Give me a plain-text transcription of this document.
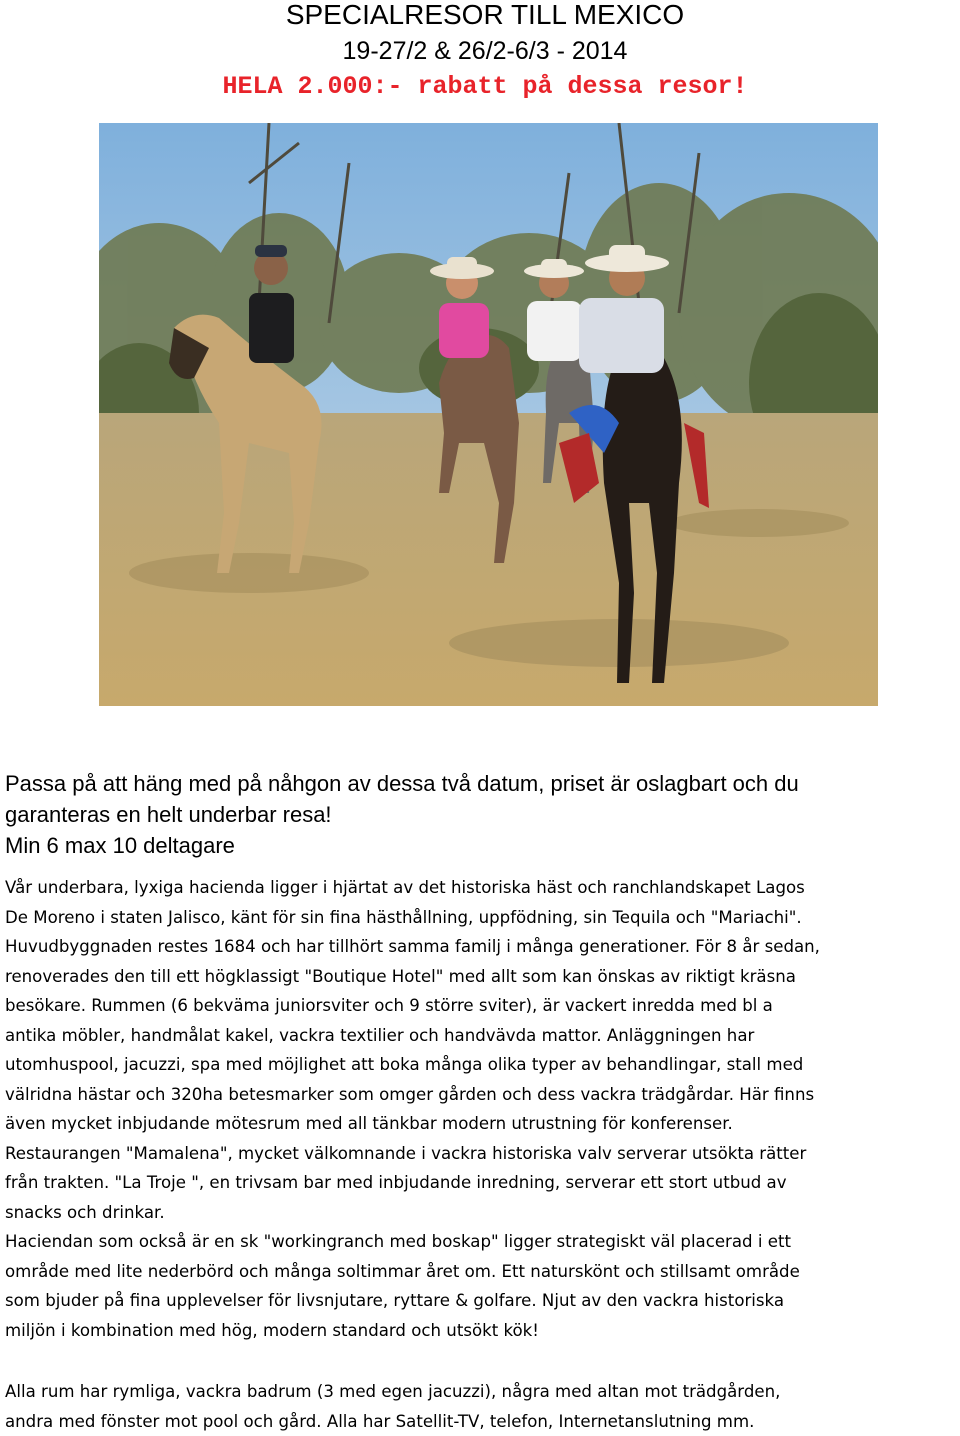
SPECIALRESOR TILL MEXICO
19-27/2 & 26/2-6/3 - 2014
HELA 2.000:- rabatt på dessa resor!
Passa på att häng med på nåhgon av dessa två datum, priset är oslagbart och du
garanteras en helt underbar resa!
Min 6 max 10 deltagare
Vår underbara, lyxiga hacienda ligger i hjärtat av det historiska häst och ranchlandskapet Lagos
De Moreno i staten Jalisco, känt för sin fina hästhållning, uppfödning, sin Tequila och "Mariachi".
Huvudbyggnaden restes 1684 och har tillhört samma familj i många generationer. För 8 år sedan,
renoverades den till ett högklassigt "Boutique Hotel" med allt som kan önskas av riktigt kräsna
besökare. Rummen (6 bekväma juniorsviter och 9 större sviter), är vackert inredda med bl a
antika möbler, handmålat kakel, vackra textilier och handvävda mattor. Anläggningen har
utomhuspool, jacuzzi, spa med möjlighet att boka många olika typer av behandlingar, stall med
välridna hästar och 320ha betesmarker som omger gården och dess vackra trädgårdar. Här finns
även mycket inbjudande mötesrum med all tänkbar modern utrustning för konferenser.
Restaurangen "Mamalena", mycket välkomnande i vackra historiska valv serverar utsökta rätter
från trakten. "La Troje ", en trivsam bar med inbjudande inredning, serverar ett stort utbud av
snacks och drinkar.
Haciendan som också är en sk "workingranch med boskap" ligger strategiskt väl placerad i ett
område med lite nederbörd och många soltimmar året om. Ett naturskönt och stillsamt område
som bjuder på fina upplevelser för livsnjutare, ryttare & golfare. Njut av den vackra historiska
miljön i kombination med hög, modern standard och utsökt kök!
Alla rum har rymliga, vackra badrum (3 med egen jacuzzi), några med altan mot trädgården,
andra med fönster mot pool och gård. Alla har Satellit-TV, telefon, Internetanslutning mm.
